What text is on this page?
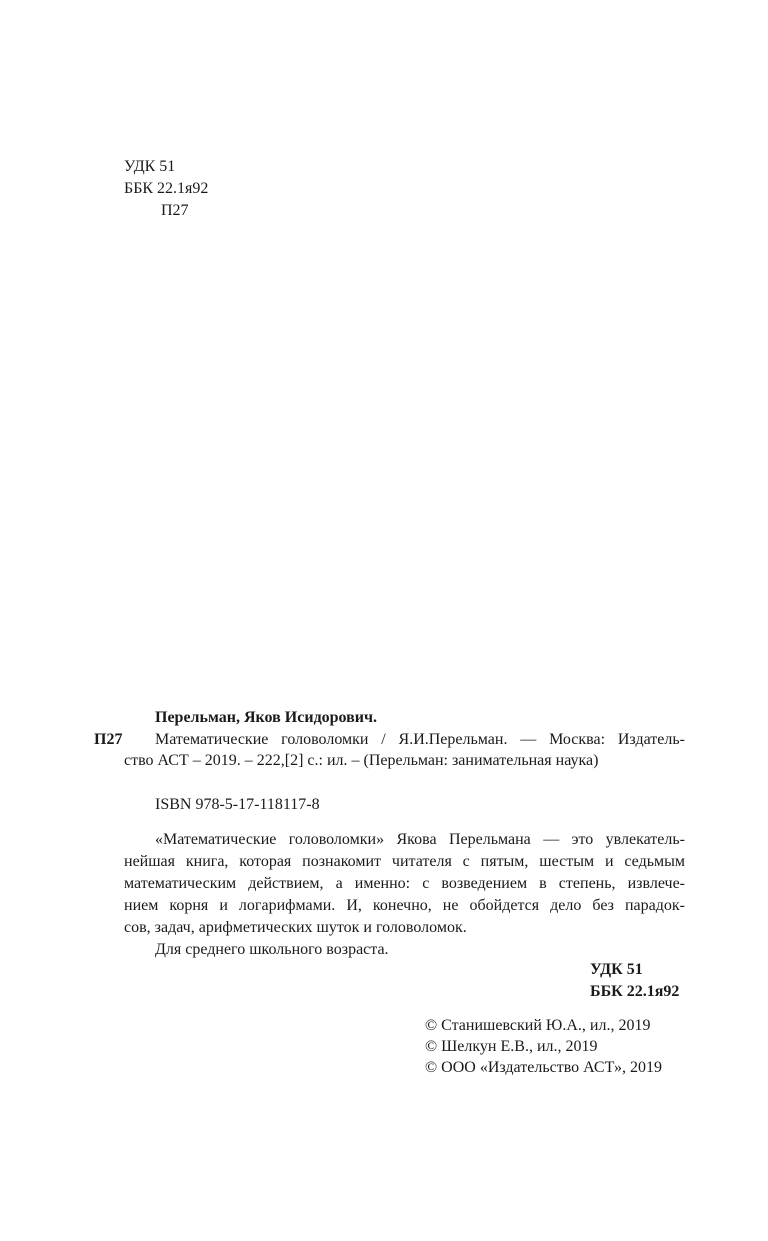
УДК 51
ББК 22.1я92
П27
Перельман, Яков Исидорович.
П27 Математические головоломки / Я.И.Перельман. — Москва: Издатель-
ство АСТ – 2019. – 222,[2] с.: ил. – (Перельман: занимательная наука)
ISBN 978-5-17-118117-8
«Математические головоломки» Якова Перельмана — это увлекатель-
нейшая книга, которая познакомит читателя с пятым, шестым и седьмым
математическим действием, а именно: с возведением в степень, извлече-
нием корня и логарифмами. И, конечно, не обойдется дело без парадок-
сов, задач, арифметических шуток и головоломок.
Для среднего школьного возраста.
УДК 51
ББК 22.1я92
© Станишевский Ю.А., ил., 2019
© Шелкун Е.В., ил., 2019
© ООО «Издательство АСТ», 2019
